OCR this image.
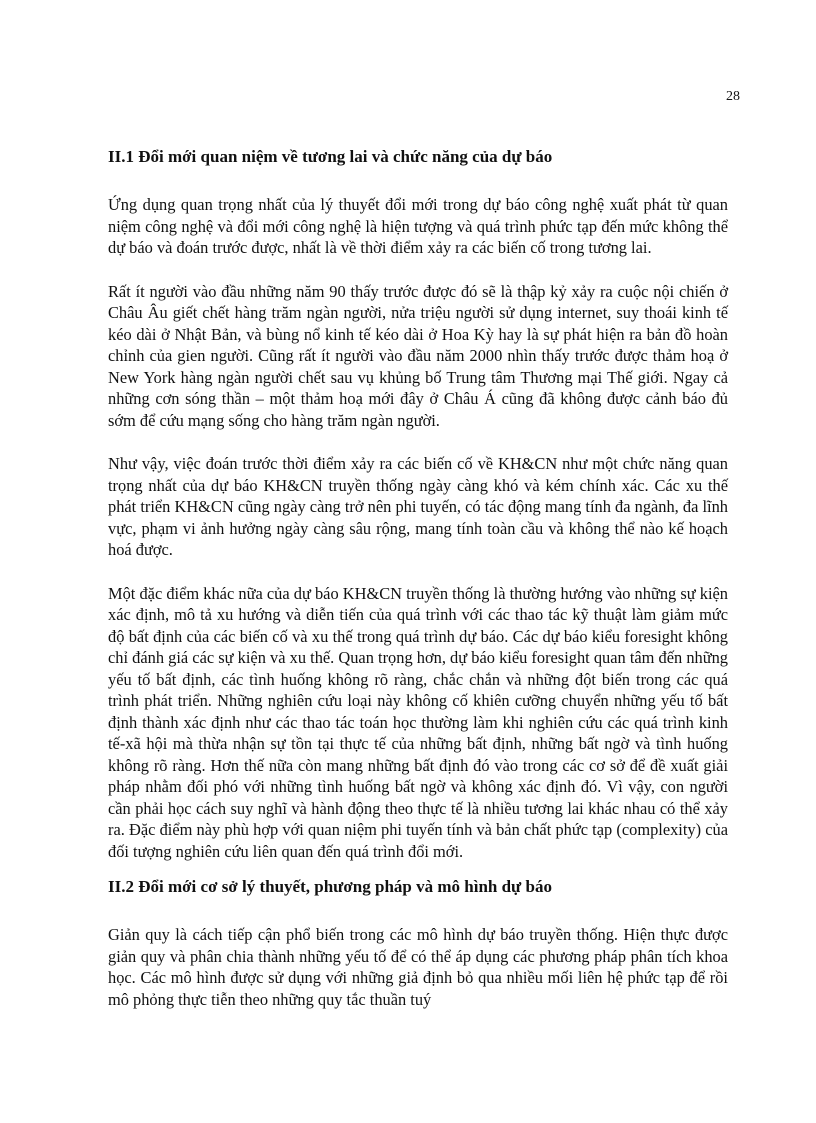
28
II.1 Đổi mới quan niệm về tương lai và chức năng của dự báo

Ứng dụng quan trọng nhất của lý thuyết đổi mới trong dự báo công nghệ xuất phát từ quan niệm công nghệ và đổi mới công nghệ là hiện tượng và quá trình phức tạp đến mức không thể dự báo và đoán trước được, nhất là về thời điểm xảy ra các biến cố trong tương lai.

Rất ít người vào đầu những năm 90 thấy trước được đó sẽ là thập kỷ xảy ra cuộc nội chiến ở Châu Âu giết chết hàng trăm ngàn người, nửa triệu người sử dụng internet, suy thoái kinh tế kéo dài ở Nhật Bản, và bùng nổ kinh tế kéo dài ở Hoa Kỳ hay là sự phát hiện ra bản đồ hoàn chỉnh của gien người. Cũng rất ít người vào đầu năm 2000 nhìn thấy trước được thảm hoạ ở New York hàng ngàn người chết sau vụ khủng bố Trung tâm Thương mại Thế giới. Ngay cả những cơn sóng thần – một thảm hoạ mới đây ở Châu Á cũng đã không được cảnh báo đủ sớm để cứu mạng sống cho hàng trăm ngàn người.

Như vậy, việc đoán trước thời điểm xảy ra các biến cố về KH&CN như một chức năng quan trọng nhất của dự báo KH&CN truyền thống ngày càng khó và kém chính xác. Các xu thế phát triển KH&CN cũng ngày càng trở nên phi tuyến, có tác động mang tính đa ngành, đa lĩnh vực, phạm vi ảnh hưởng ngày càng sâu rộng, mang tính toàn cầu và không thể nào kế hoạch hoá được.

Một đặc điểm khác nữa của dự báo KH&CN truyền thống là thường hướng vào những sự kiện xác định, mô tả xu hướng và diễn tiến của quá trình với các thao tác kỹ thuật làm giảm mức độ bất định của các biến cố và xu thế trong quá trình dự báo. Các dự báo kiểu foresight không chỉ đánh giá các sự kiện và xu thế. Quan trọng hơn, dự báo kiểu foresight quan tâm đến những yếu tố bất định, các tình huống không rõ ràng, chắc chắn và những đột biến trong các quá trình phát triển. Những nghiên cứu loại này không cố khiên cưỡng chuyển những yếu tố bất định thành xác định như các thao tác toán học thường làm khi nghiên cứu các quá trình kinh tế-xã hội mà thừa nhận sự tồn tại thực tế của những bất định, những bất ngờ và tình huống không rõ ràng. Hơn thế nữa còn mang những bất định đó vào trong các cơ sở để đề xuất giải pháp nhằm đối phó với những tình huống bất ngờ và không xác định đó. Vì vậy, con người cần phải học cách suy nghĩ và hành động theo thực tế là nhiều tương lai khác nhau có thể xảy ra. Đặc điểm này phù hợp với quan niệm phi tuyến tính và bản chất phức tạp (complexity) của đối tượng nghiên cứu liên quan đến quá trình đổi mới.

II.2 Đổi mới cơ sở lý thuyết, phương pháp và mô hình dự báo

Giản quy là cách tiếp cận phổ biến trong các mô hình dự báo truyền thống. Hiện thực được giản quy và phân chia thành những yếu tố để có thể áp dụng các phương pháp phân tích khoa học. Các mô hình được sử dụng với những giả định bỏ qua nhiều mối liên hệ phức tạp để rồi mô phỏng thực tiễn theo những quy tắc thuần tuý
